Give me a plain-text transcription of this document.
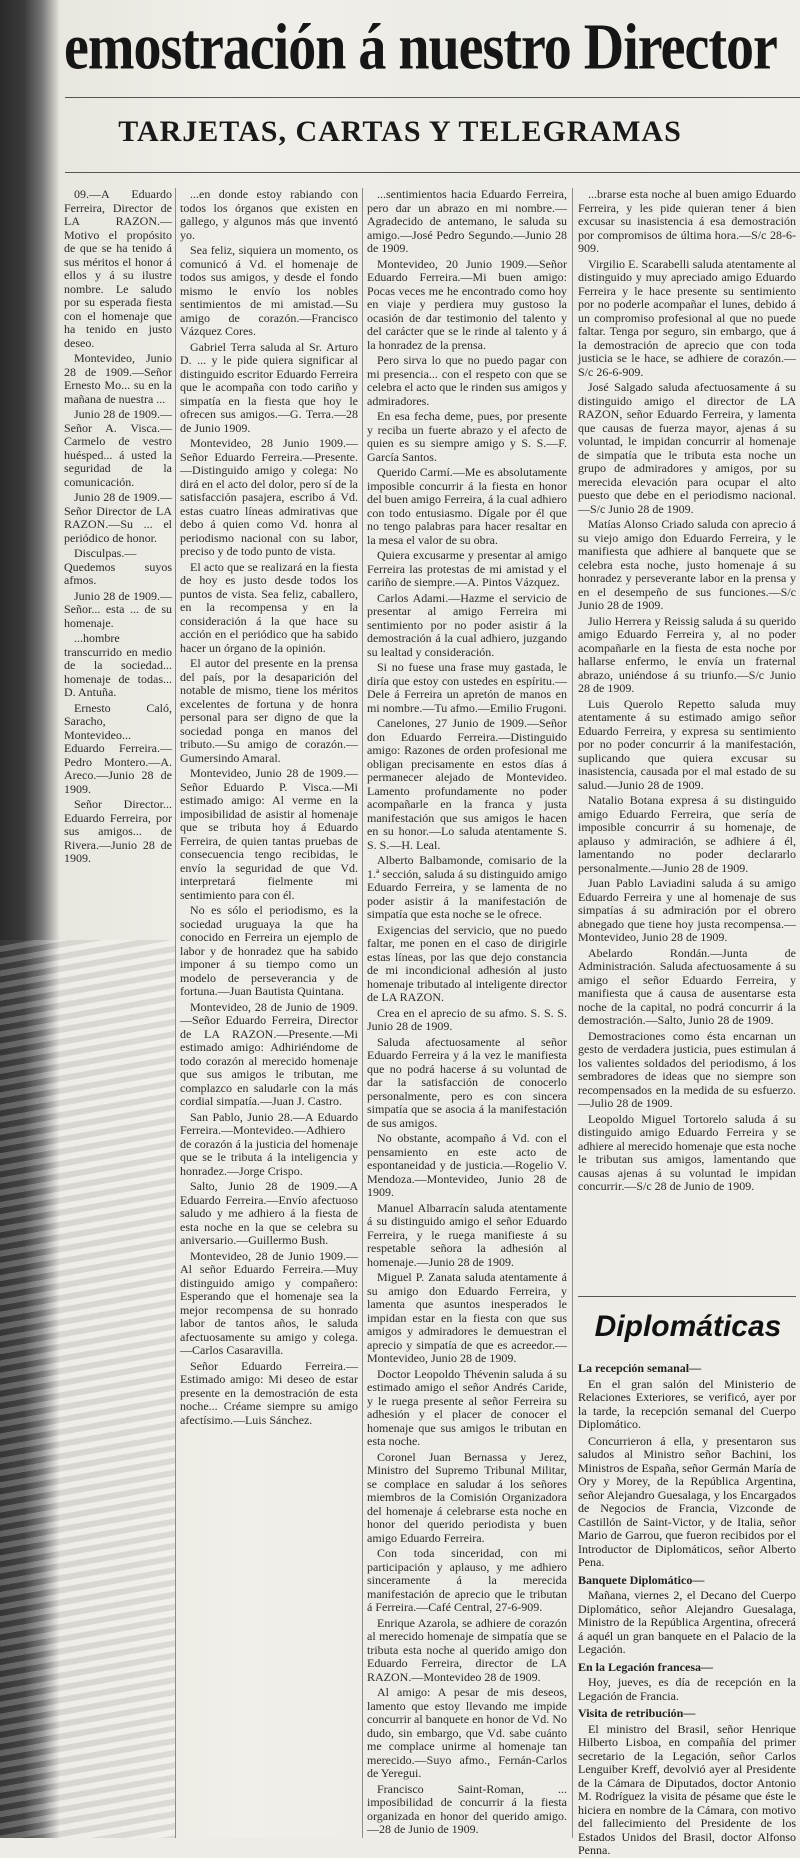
emostración á nuestro Director
TARJETAS, CARTAS Y TELEGRAMAS

09.—A Eduardo Ferreira, Director de LA RAZON.—Motivo el propósito de que se ha tenido á sus méritos el honor á ellos y á su ilustre nombre. Le saludo por su esperada fiesta con el homenaje que ha tenido en justo deseo.

Montevideo, Junio 28 de 1909.—Señor Ernesto Mo... su en la mañana de nuestra ...

Junio 28 de 1909.—Señor A. Visca.—Carmelo de vestro huésped... á usted la seguridad de la comunicación.

Junio 28 de 1909.—Señor Director de LA RAZON.—Su ... el periódico de honor.

Disculpas.—Quedemos suyos afmos.

Junio 28 de 1909.—Señor... esta ... de su homenaje.

...hombre transcurrido en medio de la sociedad... homenaje de todas... D. Antuña.

Ernesto Caló, Saracho, Montevideo... Eduardo Ferreira.—Pedro Montero.—A. Areco.—Junio 28 de 1909.

Señor Director... Eduardo Ferreira, por sus amigos... de Rivera.—Junio 28 de 1909.

...en donde estoy rabiando con todos los órganos que existen en gallego, y algunos más que inventó yo.

Sea feliz, siquiera un momento, os comunicó á Vd. el homenaje de todos sus amigos, y desde el fondo mismo le envío los nobles sentimientos de mi amistad.—Su amigo de corazón.—Francisco Vázquez Cores.

Gabriel Terra saluda al Sr. Arturo D. ... y le pide quiera significar al distinguido escritor Eduardo Ferreira que le acompaña con todo cariño y simpatía en la fiesta que hoy le ofrecen sus amigos.—G. Terra.—28 de Junio 1909.

Montevideo, 28 Junio 1909.—Señor Eduardo Ferreira.—Presente.—Distinguido amigo y colega: No dirá en el acto del dolor, pero sí de la satisfacción pasajera, escribo á Vd. estas cuatro líneas admirativas que debo á quien como Vd. honra al periodismo nacional con su labor, preciso y de todo punto de vista.

El acto que se realizará en la fiesta de hoy es justo desde todos los puntos de vista. Sea feliz, caballero, en la recompensa y en la consideración á la que hace su acción en el periódico que ha sabido hacer un órgano de la opinión.

El autor del presente en la prensa del país, por la desaparición del notable de mismo, tiene los méritos excelentes de fortuna y de honra personal para ser digno de que la sociedad ponga en manos del tributo.—Su amigo de corazón.—Gumersindo Amaral.

Montevideo, Junio 28 de 1909.—Señor Eduardo P. Visca.—Mi estimado amigo: Al verme en la imposibilidad de asistir al homenaje que se tributa hoy á Eduardo Ferreira, de quien tantas pruebas de consecuencia tengo recibidas, le envío la seguridad de que Vd. interpretará fielmente mi sentimiento para con él.

No es sólo el periodismo, es la sociedad uruguaya la que ha conocido en Ferreira un ejemplo de labor y de honradez que ha sabido imponer á su tiempo como un modelo de perseverancia y de fortuna.—Juan Bautista Quintana.

Montevideo, 28 de Junio de 1909.—Señor Eduardo Ferreira, Director de LA RAZON.—Presente.—Mi estimado amigo: Adhiriéndome de todo corazón al merecido homenaje que sus amigos le tributan, me complazco en saludarle con la más cordial simpatía.—Juan J. Castro.

San Pablo, Junio 28.—A Eduardo Ferreira.—Montevideo.—Adhiero de corazón á la justicia del homenaje que se le tributa á la inteligencia y honradez.—Jorge Crispo.

Salto, Junio 28 de 1909.—A Eduardo Ferreira.—Envío afectuoso saludo y me adhiero á la fiesta de esta noche en la que se celebra su aniversario.—Guillermo Bush.

Montevideo, 28 de Junio 1909.—Al señor Eduardo Ferreira.—Muy distinguido amigo y compañero: Esperando que el homenaje sea la mejor recompensa de su honrado labor de tantos años, le saluda afectuosamente su amigo y colega.—Carlos Casaravilla.

Señor Eduardo Ferreira.—Estimado amigo: Mi deseo de estar presente en la demostración de esta noche... Créame siempre su amigo afectísimo.—Luis Sánchez.

...sentimientos hacia Eduardo Ferreira, pero dar un abrazo en mi nombre.—Agradecido de antemano, le saluda su amigo.—José Pedro Segundo.—Junio 28 de 1909.

Montevideo, 20 Junio 1909.—Señor Eduardo Ferreira.—Mi buen amigo: Pocas veces me he encontrado como hoy en viaje y perdiera muy gustoso la ocasión de dar testimonio del talento y del carácter que se le rinde al talento y á la honradez de la prensa.

Pero sirva lo que no puedo pagar con mi presencia... con el respeto con que se celebra el acto que le rinden sus amigos y admiradores.

En esa fecha deme, pues, por presente y reciba un fuerte abrazo y el afecto de quien es su siempre amigo y S. S.—F. García Santos.

Querido Carmí.—Me es absolutamente imposible concurrir á la fiesta en honor del buen amigo Ferreira, á la cual adhiero con todo entusiasmo. Dígale por él que no tengo palabras para hacer resaltar en la mesa el valor de su obra.

Quiera excusarme y presentar al amigo Ferreira las protestas de mi amistad y el cariño de siempre.—A. Pintos Vázquez.

Carlos Adami.—Hazme el servicio de presentar al amigo Ferreira mi sentimiento por no poder asistir á la demostración á la cual adhiero, juzgando su lealtad y consideración.

Si no fuese una frase muy gastada, le diría que estoy con ustedes en espíritu.—Dele á Ferreira un apretón de manos en mi nombre.—Tu afmo.—Emilio Frugoni.

Canelones, 27 Junio de 1909.—Señor don Eduardo Ferreira.—Distinguido amigo: Razones de orden profesional me obligan precisamente en estos días á permanecer alejado de Montevideo. Lamento profundamente no poder acompañarle en la franca y justa manifestación que sus amigos le hacen en su honor.—Lo saluda atentamente S. S. S.—H. Leal.

Alberto Balbamonde, comisario de la 1.ª sección, saluda á su distinguido amigo Eduardo Ferreira, y se lamenta de no poder asistir á la manifestación de simpatía que esta noche se le ofrece.

Exigencias del servicio, que no puedo faltar, me ponen en el caso de dirigirle estas líneas, por las que dejo constancia de mi incondicional adhesión al justo homenaje tributado al inteligente director de LA RAZON.

Crea en el aprecio de su afmo. S. S. S. Junio 28 de 1909.

Saluda afectuosamente al señor Eduardo Ferreira y á la vez le manifiesta que no podrá hacerse á su voluntad de dar la satisfacción de conocerlo personalmente, pero es con sincera simpatía que se asocia á la manifestación de sus amigos.

No obstante, acompaño á Vd. con el pensamiento en este acto de espontaneidad y de justicia.—Rogelio V. Mendoza.—Montevideo, Junio 28 de 1909.

Manuel Albarracín saluda atentamente á su distinguido amigo el señor Eduardo Ferreira, y le ruega manifieste á su respetable señora la adhesión al homenaje.—Junio 28 de 1909.

Miguel P. Zanata saluda atentamente á su amigo don Eduardo Ferreira, y lamenta que asuntos inesperados le impidan estar en la fiesta con que sus amigos y admiradores le demuestran el aprecio y simpatía de que es acreedor.—Montevideo, Junio 28 de 1909.

Doctor Leopoldo Thévenin saluda á su estimado amigo el señor Andrés Caride, y le ruega presente al señor Ferreira su adhesión y el placer de conocer el homenaje que sus amigos le tributan en esta noche.

Coronel Juan Bernassa y Jerez, Ministro del Supremo Tribunal Militar, se complace en saludar á los señores miembros de la Comisión Organizadora del homenaje á celebrarse esta noche en honor del querido periodista y buen amigo Eduardo Ferreira.

Con toda sinceridad, con mi participación y aplauso, y me adhiero sinceramente á la merecida manifestación de aprecio que le tributan á Ferreira.—Café Central, 27-6-909.

Enrique Azarola, se adhiere de corazón al merecido homenaje de simpatía que se tributa esta noche al querido amigo don Eduardo Ferreira, director de LA RAZON.—Montevideo 28 de 1909.

Al amigo: A pesar de mis deseos, lamento que estoy llevando me impide concurrir al banquete en honor de Vd. No dudo, sin embargo, que Vd. sabe cuánto me complace unirme al homenaje tan merecido.—Suyo afmo., Fernán-Carlos de Yeregui.

Francisco Saint-Roman, ... imposibilidad de concurrir á la fiesta organizada en honor del querido amigo.—28 de Junio de 1909.

...brarse esta noche al buen amigo Eduardo Ferreira, y les pide quieran tener á bien excusar su inasistencia á esa demostración por compromisos de última hora.—S/c 28-6-909.

Virgilio E. Scarabelli saluda atentamente al distinguido y muy apreciado amigo Eduardo Ferreira y le hace presente su sentimiento por no poderle acompañar el lunes, debido á un compromiso profesional al que no puede faltar. Tenga por seguro, sin embargo, que á la demostración de aprecio que con toda justicia se le hace, se adhiere de corazón.—S/c 26-6-909.

José Salgado saluda afectuosamente á su distinguido amigo el director de LA RAZON, señor Eduardo Ferreira, y lamenta que causas de fuerza mayor, ajenas á su voluntad, le impidan concurrir al homenaje de simpatía que le tributa esta noche un grupo de admiradores y amigos, por su merecida elevación para ocupar el alto puesto que debe en el periodismo nacional.—S/c Junio 28 de 1909.

Matías Alonso Criado saluda con aprecio á su viejo amigo don Eduardo Ferreira, y le manifiesta que adhiere al banquete que se celebra esta noche, justo homenaje á su honradez y perseverante labor en la prensa y en el desempeño de sus funciones.—S/c Junio 28 de 1909.

Julio Herrera y Reissig saluda á su querido amigo Eduardo Ferreira y, al no poder acompañarle en la fiesta de esta noche por hallarse enfermo, le envía un fraternal abrazo, uniéndose á su triunfo.—S/c Junio 28 de 1909.

Luis Querolo Repetto saluda muy atentamente á su estimado amigo señor Eduardo Ferreira, y expresa su sentimiento por no poder concurrir á la manifestación, suplicando que quiera excusar su inasistencia, causada por el mal estado de su salud.—Junio 28 de 1909.

Natalio Botana expresa á su distinguido amigo Eduardo Ferreira, que sería de imposible concurrir á su homenaje, de aplauso y admiración, se adhiere á él, lamentando no poder declararlo personalmente.—Junio 28 de 1909.

Juan Pablo Laviadini saluda á su amigo Eduardo Ferreira y une al homenaje de sus simpatías á su admiración por el obrero abnegado que tiene hoy justa recompensa.—Montevideo, Junio 28 de 1909.

Abelardo Rondán.—Junta de Administración. Saluda afectuosamente á su amigo el señor Eduardo Ferreira, y manifiesta que á causa de ausentarse esta noche de la capital, no podrá concurrir á la demostración.—Salto, Junio 28 de 1909.

Demostraciones como ésta encarnan un gesto de verdadera justicia, pues estimulan á los valientes soldados del periodismo, á los sembradores de ideas que no siempre son recompensados en la medida de su esfuerzo.—Julio 28 de 1909.

Leopoldo Miguel Tortorelo saluda á su distinguido amigo Eduardo Ferreira y se adhiere al merecido homenaje que esta noche le tributan sus amigos, lamentando que causas ajenas á su voluntad le impidan concurrir.—S/c 28 de Junio de 1909.

Diplomáticas
La recepción semanal—

En el gran salón del Ministerio de Relaciones Exteriores, se verificó, ayer por la tarde, la recepción semanal del Cuerpo Diplomático.

Concurrieron á ella, y presentaron sus saludos al Ministro señor Bachini, los Ministros de España, señor Germán María de Ory y Morey, de la República Argentina, señor Alejandro Guesalaga, y los Encargados de Negocios de Francia, Vizconde de Castillón de Saint-Victor, y de Italia, señor Mario de Garrou, que fueron recibidos por el Introductor de Diplomáticos, señor Alberto Pena.

Banquete Diplomático—

Mañana, viernes 2, el Decano del Cuerpo Diplomático, señor Alejandro Guesalaga, Ministro de la República Argentina, ofrecerá á aquél un gran banquete en el Palacio de la Legación.

En la Legación francesa—

Hoy, jueves, es día de recepción en la Legación de Francia.

Visita de retribución—

El ministro del Brasil, señor Henrique Hilberto Lisboa, en compañía del primer secretario de la Legación, señor Carlos Lenguiber Kreff, devolvió ayer al Presidente de la Cámara de Diputados, doctor Antonio M. Rodríguez la visita de pésame que éste le hiciera en nombre de la Cámara, con motivo del fallecimiento del Presidente de los Estados Unidos del Brasil, doctor Alfonso Penna.
